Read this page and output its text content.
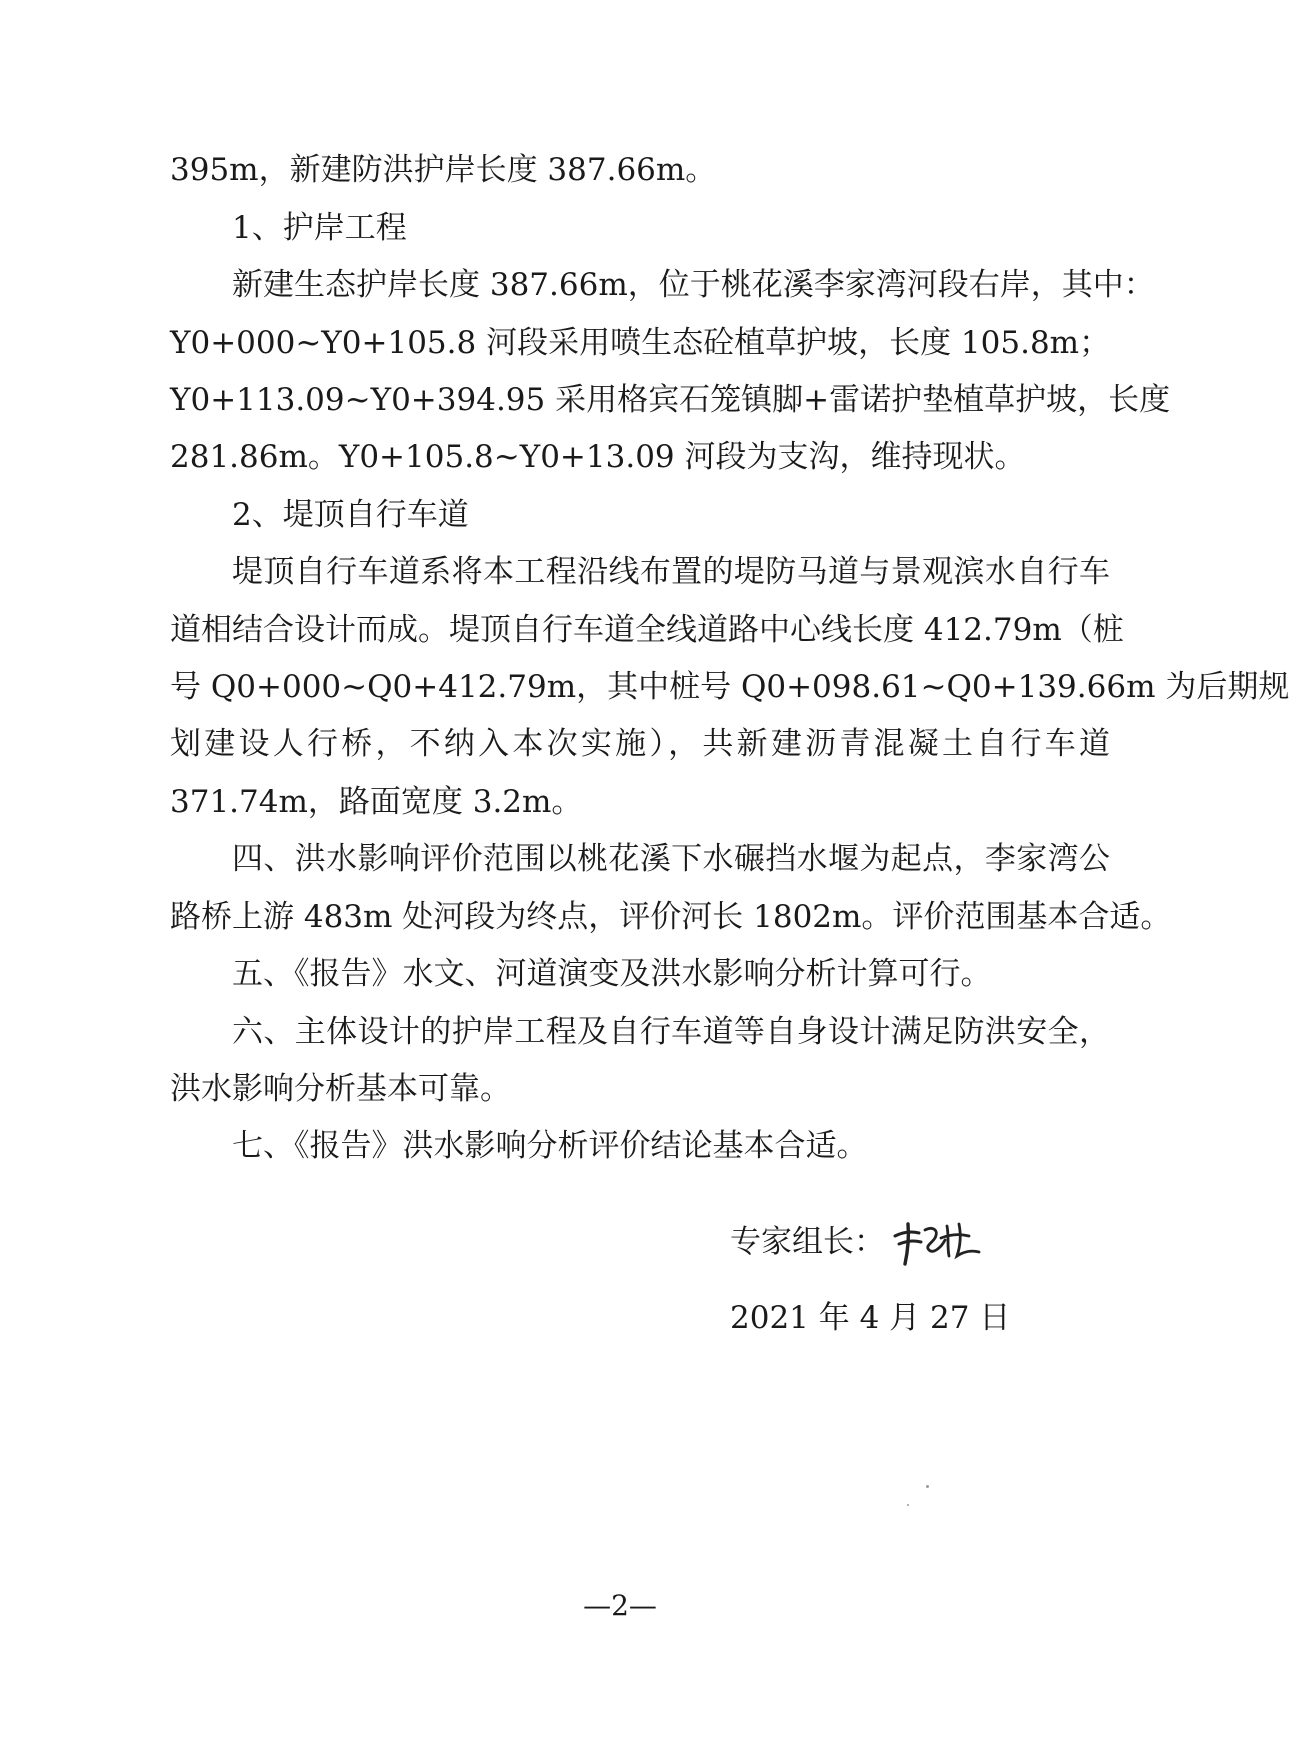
395m，新建防洪护岸长度 387.66m。
1、护岸工程
新建生态护岸长度 387.66m，位于桃花溪李家湾河段右岸，其中：
Y0+000~Y0+105.8 河段采用喷生态砼植草护坡，长度 105.8m；
Y0+113.09~Y0+394.95 采用格宾石笼镇脚+雷诺护垫植草护坡，长度
281.86m。Y0+105.8~Y0+13.09 河段为支沟，维持现状。
2、堤顶自行车道
堤顶自行车道系将本工程沿线布置的堤防马道与景观滨水自行车
道相结合设计而成。堤顶自行车道全线道路中心线长度 412.79m（桩
号 Q0+000~Q0+412.79m，其中桩号 Q0+098.61~Q0+139.66m 为后期规
划建设人行桥，不纳入本次实施），共新建沥青混凝土自行车道
371.74m，路面宽度 3.2m。
四、洪水影响评价范围以桃花溪下水碾挡水堰为起点，李家湾公
路桥上游 483m 处河段为终点，评价河长 1802m。评价范围基本合适。
五、《报告》水文、河道演变及洪水影响分析计算可行。
六、主体设计的护岸工程及自行车道等自身设计满足防洪安全，
洪水影响分析基本可靠。
七、《报告》洪水影响分析评价结论基本合适。
专家组长：
2021 年 4 月 27 日
—2—
